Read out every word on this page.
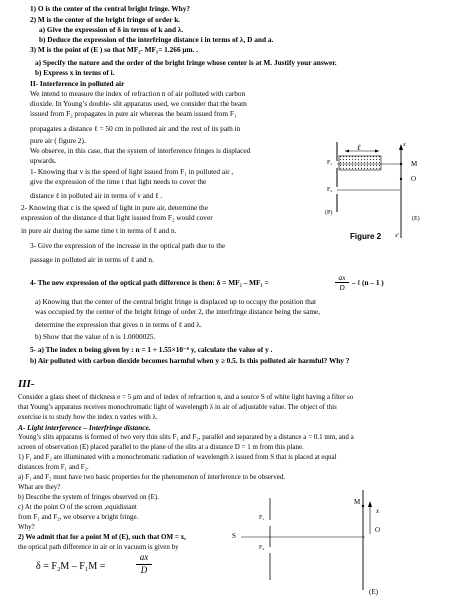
1) O is the center of the central bright fringe. Why?
2) M is the center of the bright fringe of order k.
a) Give the expression of δ in terms of k and λ.
b) Deduce the expression of the interfringe distance i in terms of λ, D and a.
3) M is the point of (E ) so that MF₂- MF₁= 1.266 μm. .
a) Specify the nature and the order of the bright fringe whose center is at M. Justify your answer.
b) Express x in terms of i.
II- Interference in polluted air
We intend to measure the index of refraction n of air polluted with carbon
dioxide. In Young’s double- slit apparatus used, we consider that the beam
issued from F₂ propagates in pure air whereas the beam issued from F₁
propagates a distance ℓ = 50 cm in polluted air and the rest of its path in
pure air ( figure 2).
We observe, in this case, that the system of interference fringes is displaced
upwards.
1- Knowing that v is the speed of light issued from F₁ in polluted air ,
give the expression of the time t that light needs to cover the
distance ℓ in polluted air in terms of v and ℓ .
2- Knowing that c is the speed of light in pure air, determine the
expression of the distance d that light issued from F₂ would cover
in pure air during the same time t in terms of ℓ and n.
3- Give the expression of the increase in the optical path due to the
passage in polluted air in terms of ℓ and n.
4- The new expression of the optical path difference is then: δ = MF₂ – MF₁ =
ax
D
– ℓ (n – 1 )
a) Knowing that the center of the central bright fringe is displaced up to occupy the position that
was occupied by the center of the bright fringe of order 2, the interfringe distance being the same,
determine the expression that gives n in terms of ℓ and λ.
b) Show that the value of n is 1.0000025.
5- a) The index n being given by : n = 1 + 1.55×10⁻⁶ y, calculate the value of y .
b) Air polluted with carbon dioxide becomes harmful when y ≥ 0.5. Is this polluted air harmful? Why ?
x
ℓ
F₁
F₂
M
O
(P)
(E)
x'
Figure 2
III-
Consider a glass sheet of thickness e = 5 μm and of index of refraction n, and a source S of white light having a filter so
that Young’s apparatus receives monochromatic light of wavelength λ in air of adjustable value. The object of this
exercise is to study how the index n varies with λ.
A- Light interference – Interfringe distance.
Young’s slits apparatus is formed of two very thin slits F₁ and F₂, parallel and separated by a distance a = 0.1 mm, and a
screen of observation (E) placed parallel to the plane of the slits at a distance D = 1 m from this plane.
1) F₁ and F₂ are illuminated with a monochromatic radiation of wavelength λ issued from S that is placed at equal
distances from F₁ and F₂.
a) F₁ and F₂ must have two basic properties for the phenomenon of interference to be observed.
What are they?
b) Describe the system of fringes observed on (E).
c) At the point O of the screen ,equidistant
from F₁ and F₂, we observe a bright fringe.
Why?
2) We admit that for a point M of (E), such that OM = x,
the optical path difference in air or in vacuum is given by
δ = F₂M – F₁M =
ax
D
M
x
S
F₁
F₂
O
(E)
